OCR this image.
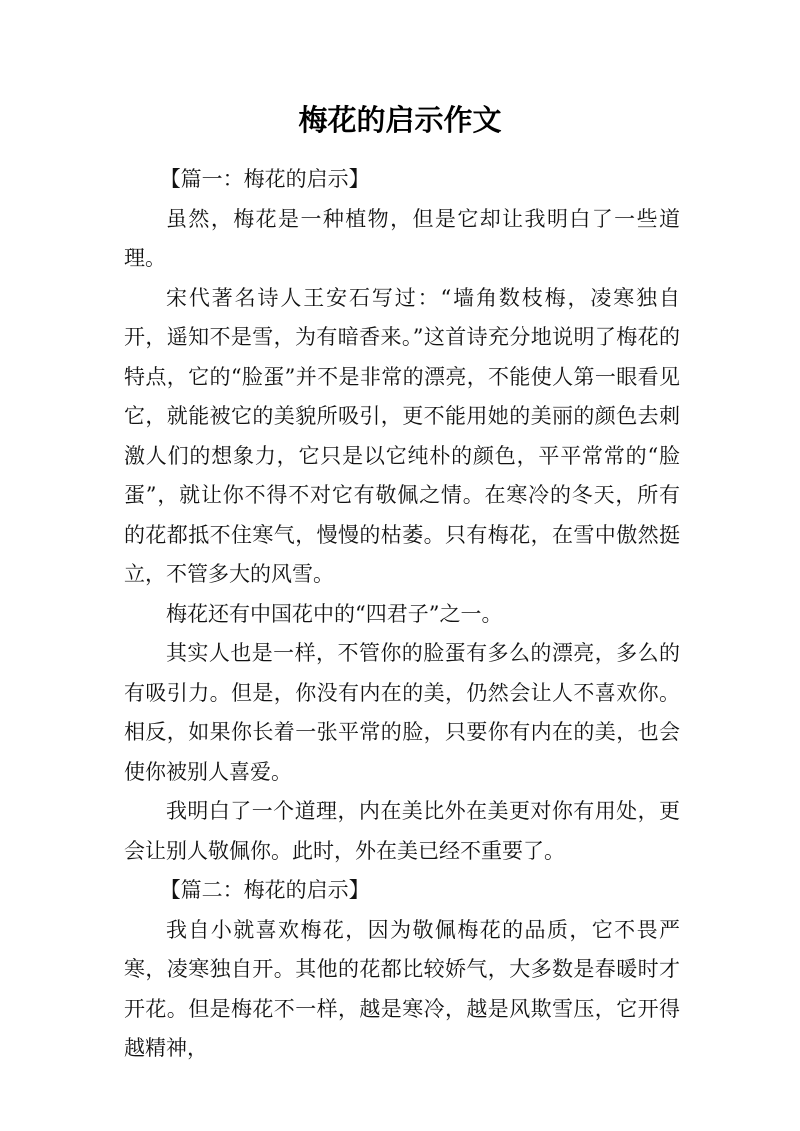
梅花的启示作文

【篇一：梅花的启示】

虽然，梅花是一种植物，但是它却让我明白了一些道理。

宋代著名诗人王安石写过：“墙角数枝梅，凌寒独自开，遥知不是雪，为有暗香来。”这首诗充分地说明了梅花的特点，它的“脸蛋”并不是非常的漂亮，不能使人第一眼看见它，就能被它的美貌所吸引，更不能用她的美丽的颜色去刺激人们的想象力，它只是以它纯朴的颜色，平平常常的“脸蛋”，就让你不得不对它有敬佩之情。在寒冷的冬天，所有的花都抵不住寒气，慢慢的枯萎。只有梅花，在雪中傲然挺立，不管多大的风雪。

梅花还有中国花中的“四君子”之一。

其实人也是一样，不管你的脸蛋有多么的漂亮，多么的有吸引力。但是，你没有内在的美，仍然会让人不喜欢你。相反，如果你长着一张平常的脸，只要你有内在的美，也会使你被别人喜爱。

我明白了一个道理，内在美比外在美更对你有用处，更会让别人敬佩你。此时，外在美已经不重要了。

【篇二：梅花的启示】

我自小就喜欢梅花，因为敬佩梅花的品质，它不畏严寒，凌寒独自开。其他的花都比较娇气，大多数是春暖时才开花。但是梅花不一样，越是寒冷，越是风欺雪压，它开得越精神，
